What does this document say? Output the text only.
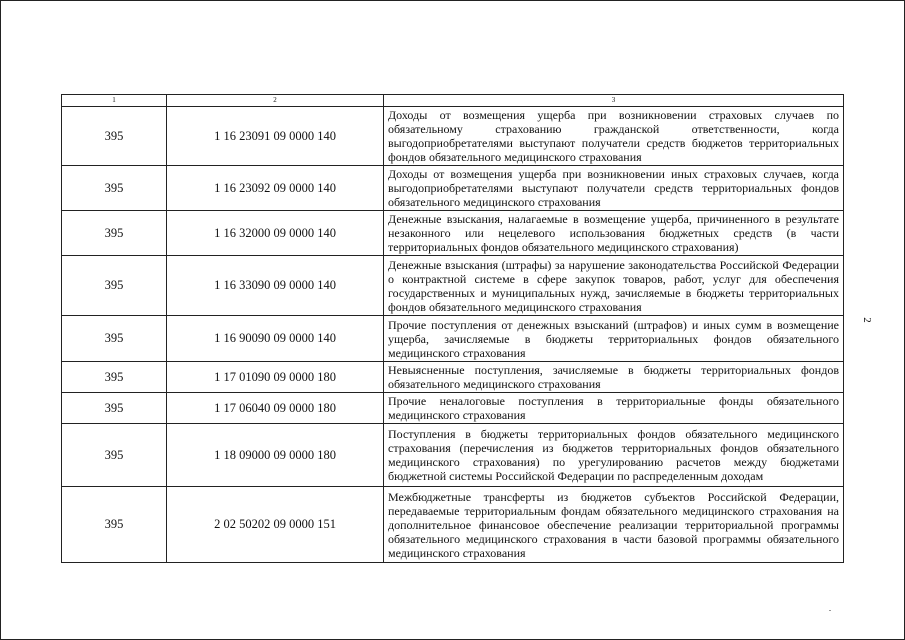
1	2	3
395	1 16 23091 09 0000 140	Доходы от возмещения ущерба при возникновении страховых случаев по обязательному страхованию гражданской ответственности, когда выгодоприобретателями выступают получатели средств бюджетов территориальных фондов обязательного медицинского страхования
395	1 16 23092 09 0000 140	Доходы от возмещения ущерба при возникновении иных страховых случаев, когда выгодоприобретателями выступают получатели средств территориальных фондов обязательного медицинского страхования
395	1 16 32000 09 0000 140	Денежные взыскания, налагаемые в возмещение ущерба, причиненного в результате незаконного или нецелевого использования бюджетных средств (в части территориальных фондов обязательного медицинского страхования)
395	1 16 33090 09 0000 140	Денежные взыскания (штрафы) за нарушение законодательства Российской Федерации о контрактной системе в сфере закупок товаров, работ, услуг для обеспечения государственных и муниципальных нужд, зачисляемые в бюджеты территориальных фондов обязательного медицинского страхования
395	1 16 90090 09 0000 140	Прочие поступления от денежных взысканий (штрафов) и иных сумм в возмещение ущерба, зачисляемые в бюджеты территориальных фондов обязательного медицинского страхования
395	1 17 01090 09 0000 180	Невыясненные поступления, зачисляемые в бюджеты территориальных фондов обязательного медицинского страхования
395	1 17 06040 09 0000 180	Прочие неналоговые поступления в территориальные фонды обязательного медицинского страхования
395	1 18 09000 09 0000 180	Поступления в бюджеты территориальных фондов обязательного медицинского страхования (перечисления из бюджетов территориальных фондов обязательного медицинского страхования) по урегулированию расчетов между бюджетами бюджетной системы Российской Федерации по распределенным доходам
395	2 02 50202 09 0000 151	Межбюджетные трансферты из бюджетов субъектов Российской Федерации, передаваемые территориальным фондам обязательного медицинского страхования на дополнительное финансовое обеспечение реализации территориальной программы обязательного медицинского страхования в части базовой программы обязательного медицинского страхования
2
